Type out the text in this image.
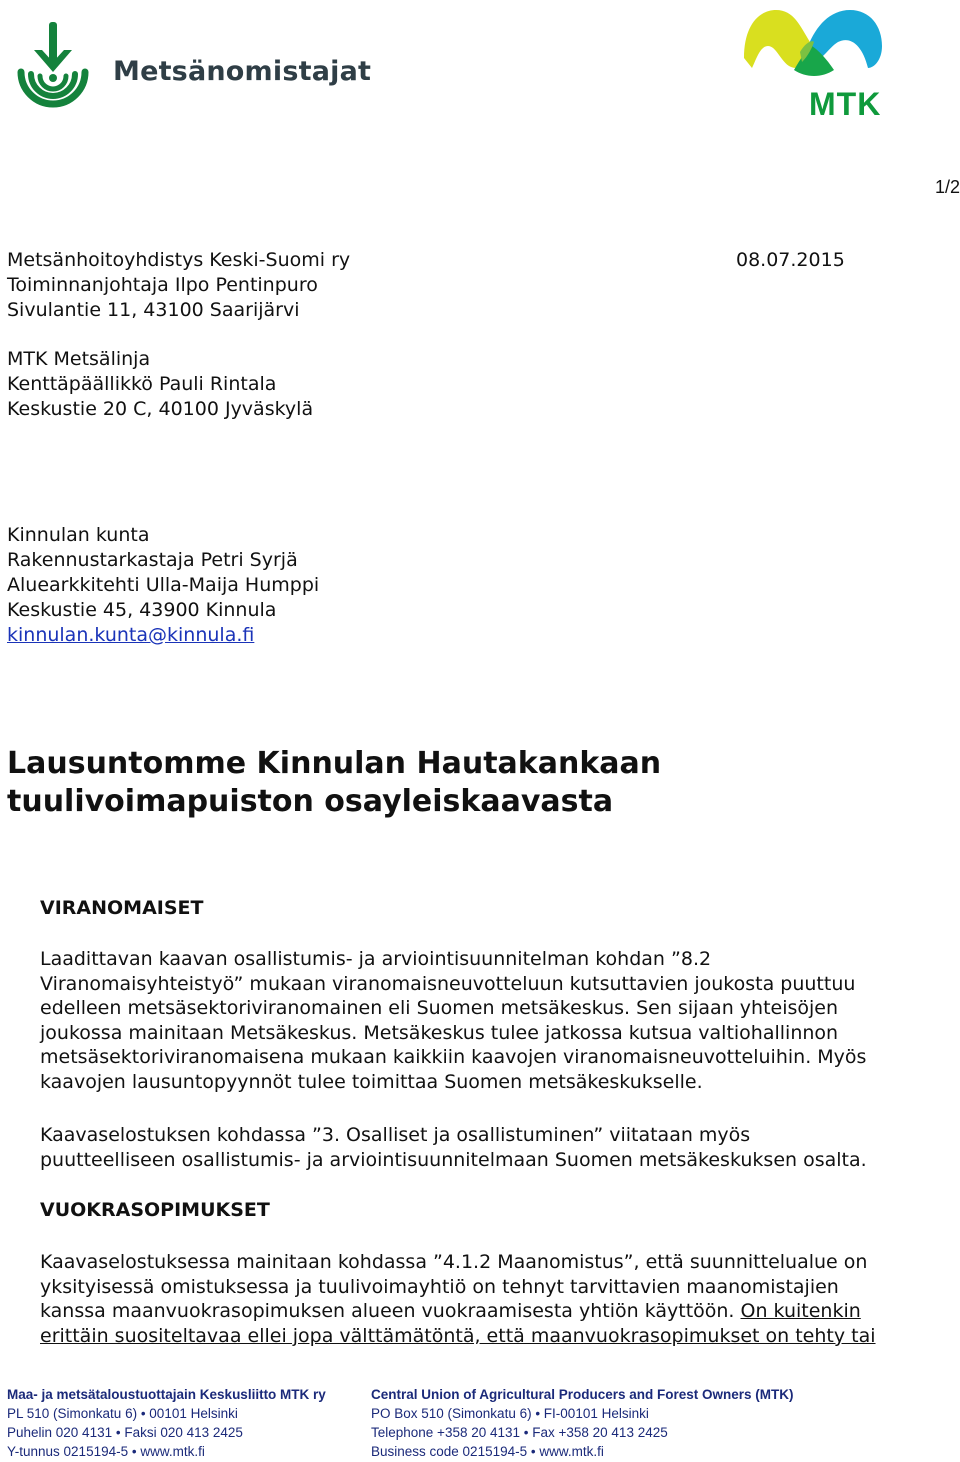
Metsänomistajat
MTK
1/2
08.07.2015
Metsänhoitoyhdistys Keski-Suomi ry
Toiminnanjohtaja Ilpo Pentinpuro
Sivulantie 11, 43100 Saarijärvi
MTK Metsälinja
Kenttäpäällikkö Pauli Rintala
Keskustie 20 C, 40100 Jyväskylä
Kinnulan kunta
Rakennustarkastaja Petri Syrjä
Aluearkkitehti Ulla-Maija Humppi
Keskustie 45, 43900 Kinnula
kinnulan.kunta@kinnula.fi
Lausuntomme Kinnulan Hautakankaan
tuulivoimapuiston osayleiskaavasta
VIRANOMAISET
Laadittavan kaavan osallistumis- ja arviointisuunnitelman kohdan ”8.2
Viranomaisyhteistyö” mukaan viranomaisneuvotteluun kutsuttavien joukosta puuttuu
edelleen metsäsektoriviranomainen eli Suomen metsäkeskus. Sen sijaan yhteisöjen
joukossa mainitaan Metsäkeskus. Metsäkeskus tulee jatkossa kutsua valtiohallinnon
metsäsektoriviranomaisena mukaan kaikkiin kaavojen viranomaisneuvotteluihin. Myös
kaavojen lausuntopyynnöt tulee toimittaa Suomen metsäkeskukselle.
Kaavaselostuksen kohdassa ”3. Osalliset ja osallistuminen” viitataan myös
puutteelliseen osallistumis- ja arviointisuunnitelmaan Suomen metsäkeskuksen osalta.
VUOKRASOPIMUKSET
Kaavaselostuksessa mainitaan kohdassa ”4.1.2 Maanomistus”, että suunnittelualue on
yksityisessä omistuksessa ja tuulivoimayhtiö on tehnyt tarvittavien maanomistajien
kanssa maanvuokrasopimuksen alueen vuokraamisesta yhtiön käyttöön. On kuitenkin
erittäin suositeltavaa ellei jopa välttämätöntä, että maanvuokrasopimukset on tehty tai
Maa- ja metsätaloustuottajain Keskusliitto MTK ry
PL 510 (Simonkatu 6) • 00101 Helsinki
Puhelin 020 4131 • Faksi 020 413 2425
Y-tunnus 0215194-5 • www.mtk.fi
Central Union of Agricultural Producers and Forest Owners (MTK)
PO Box 510 (Simonkatu 6) • FI-00101 Helsinki
Telephone +358 20 4131 • Fax +358 20 413 2425
Business code 0215194-5 • www.mtk.fi
